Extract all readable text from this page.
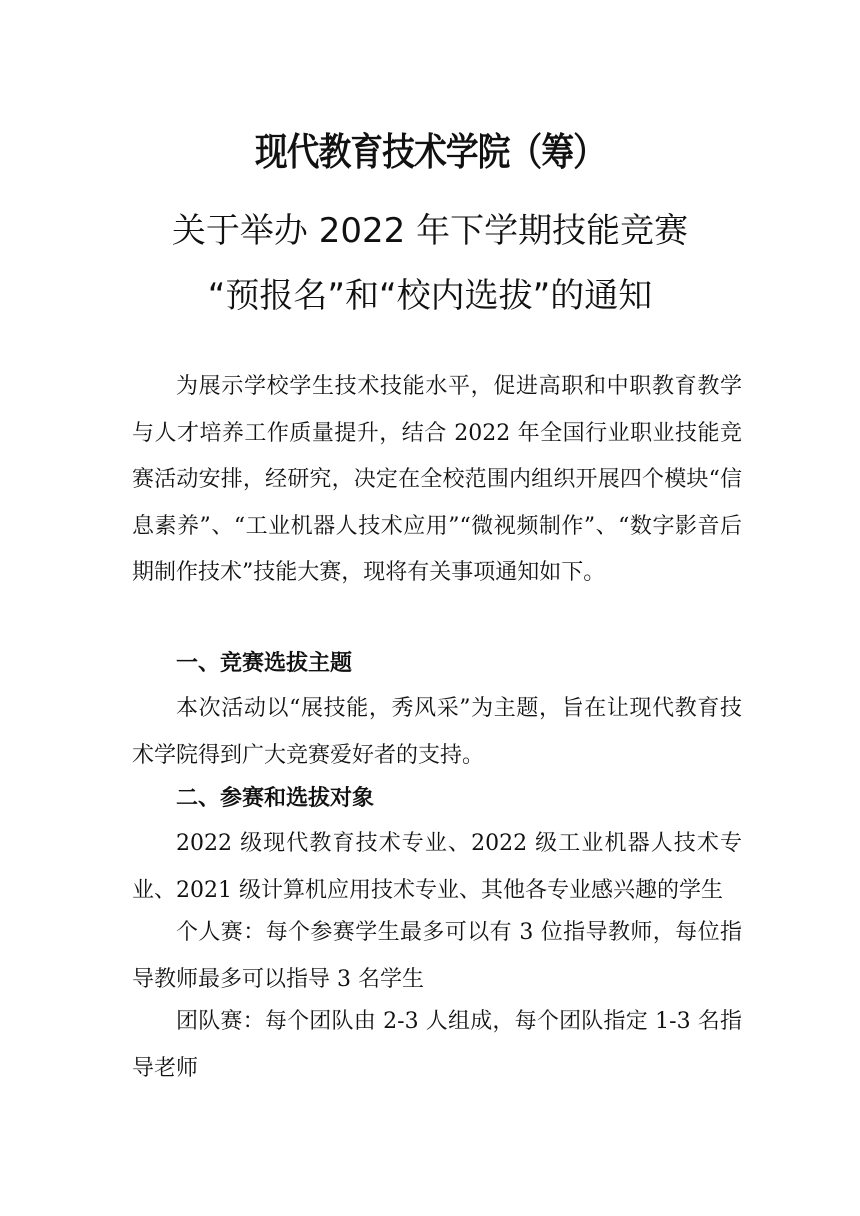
现代教育技术学院（筹）
关于举办 2022 年下学期技能竞赛
“预报名”和“校内选拔”的通知

为展示学校学生技术技能水平，促进高职和中职教育教学与人才培养工作质量提升，结合 2022 年全国行业职业技能竞赛活动安排，经研究，决定在全校范围内组织开展四个模块“信息素养”、“工业机器人技术应用”“微视频制作”、“数字影音后期制作技术”技能大赛，现将有关事项通知如下。

一、竞赛选拔主题

本次活动以“展技能，秀风采”为主题，旨在让现代教育技术学院得到广大竞赛爱好者的支持。

二、参赛和选拔对象

2022 级现代教育技术专业、2022 级工业机器人技术专业、2021 级计算机应用技术专业、其他各专业感兴趣的学生

个人赛：每个参赛学生最多可以有 3 位指导教师，每位指导教师最多可以指导 3 名学生

团队赛：每个团队由 2-3 人组成，每个团队指定 1-3 名指导老师
